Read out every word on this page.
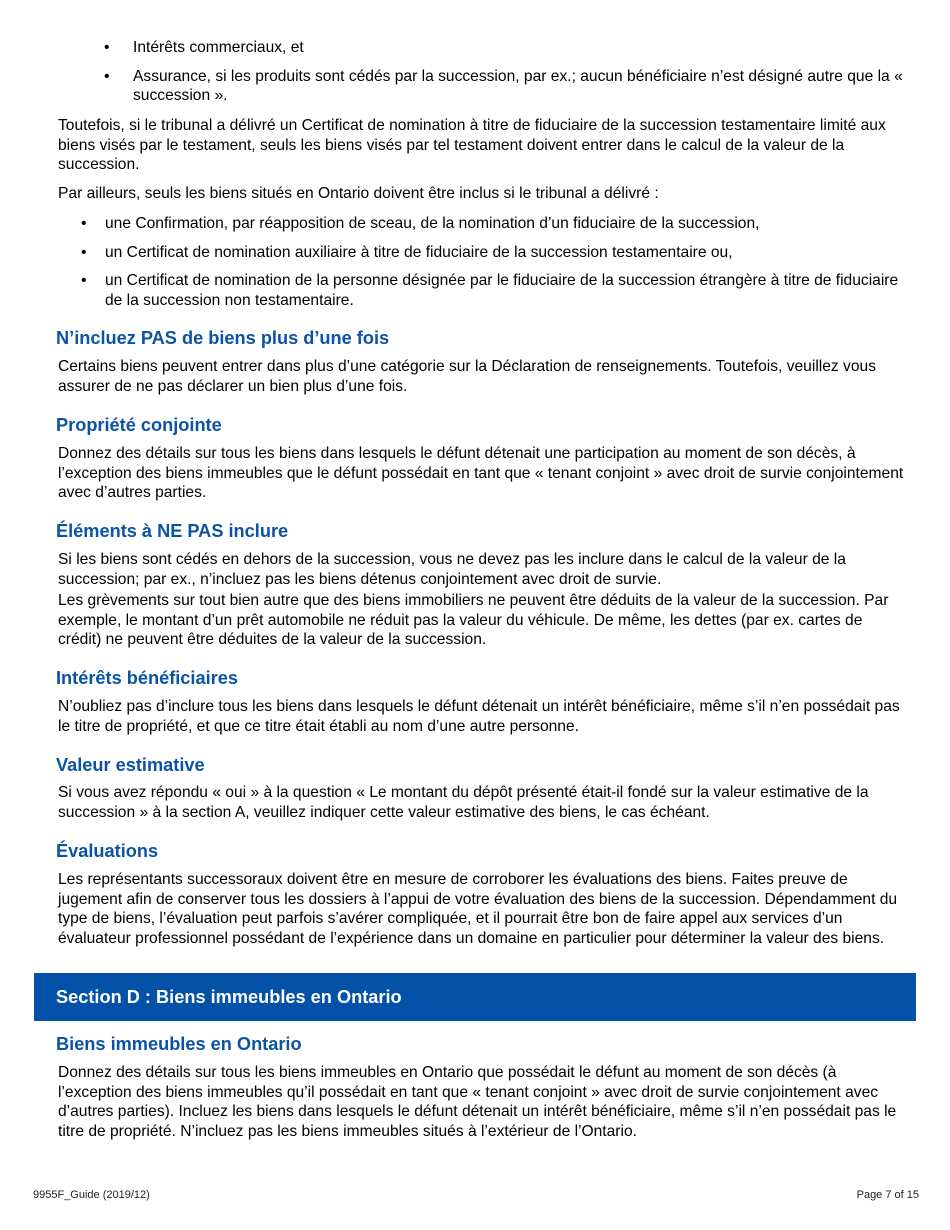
• Intérêts commerciaux, et
• Assurance, si les produits sont cédés par la succession, par ex.; aucun bénéficiaire n’est désigné autre que la « succession ».

Toutefois, si le tribunal a délivré un Certificat de nomination à titre de fiduciaire de la succession testamentaire limité aux biens visés par le testament, seuls les biens visés par tel testament doivent entrer dans le calcul de la valeur de la succession.

Par ailleurs, seuls les biens situés en Ontario doivent être inclus si le tribunal a délivré :

• une Confirmation, par réapposition de sceau, de la nomination d’un fiduciaire de la succession,
• un Certificat de nomination auxiliaire à titre de fiduciaire de la succession testamentaire ou,
• un Certificat de nomination de la personne désignée par le fiduciaire de la succession étrangère à titre de fiduciaire de la succession non testamentaire.
N’incluez PAS de biens plus d’une fois

Certains biens peuvent entrer dans plus d’une catégorie sur la Déclaration de renseignements. Toutefois, veuillez vous assurer de ne pas déclarer un bien plus d’une fois.

Propriété conjointe

Donnez des détails sur tous les biens dans lesquels le défunt détenait une participation au moment de son décès, à l’exception des biens immeubles que le défunt possédait en tant que « tenant conjoint » avec droit de survie conjointement avec d’autres parties.

Éléments à NE PAS inclure

Si les biens sont cédés en dehors de la succession, vous ne devez pas les inclure dans le calcul de la valeur de la succession; par ex., n’incluez pas les biens détenus conjointement avec droit de survie.

Les grèvements sur tout bien autre que des biens immobiliers ne peuvent être déduits de la valeur de la succession. Par exemple, le montant d’un prêt automobile ne réduit pas la valeur du véhicule. De même, les dettes (par ex. cartes de crédit) ne peuvent être déduites de la valeur de la succession.

Intérêts bénéficiaires

N’oubliez pas d’inclure tous les biens dans lesquels le défunt détenait un intérêt bénéficiaire, même s’il n’en possédait pas le titre de propriété, et que ce titre était établi au nom d’une autre personne.

Valeur estimative

Si vous avez répondu « oui » à la question « Le montant du dépôt présenté était-il fondé sur la valeur estimative de la succession » à la section A, veuillez indiquer cette valeur estimative des biens, le cas échéant.

Évaluations

Les représentants successoraux doivent être en mesure de corroborer les évaluations des biens. Faites preuve de jugement afin de conserver tous les dossiers à l’appui de votre évaluation des biens de la succession. Dépendamment du type de biens, l’évaluation peut parfois s’avérer compliquée, et il pourrait être bon de faire appel aux services d’un évaluateur professionnel possédant de l’expérience dans un domaine en particulier pour déterminer la valeur des biens.

Section D : Biens immeubles en Ontario
Biens immeubles en Ontario

Donnez des détails sur tous les biens immeubles en Ontario que possédait le défunt au moment de son décès (à l’exception des biens immeubles qu’il possédait en tant que « tenant conjoint » avec droit de survie conjointement avec d’autres parties). Incluez les biens dans lesquels le défunt détenait un intérêt bénéficiaire, même s’il n’en possédait pas le titre de propriété. N’incluez pas les biens immeubles situés à l’extérieur de l’Ontario.

9955F_Guide (2019/12)	Page 7 of 15
